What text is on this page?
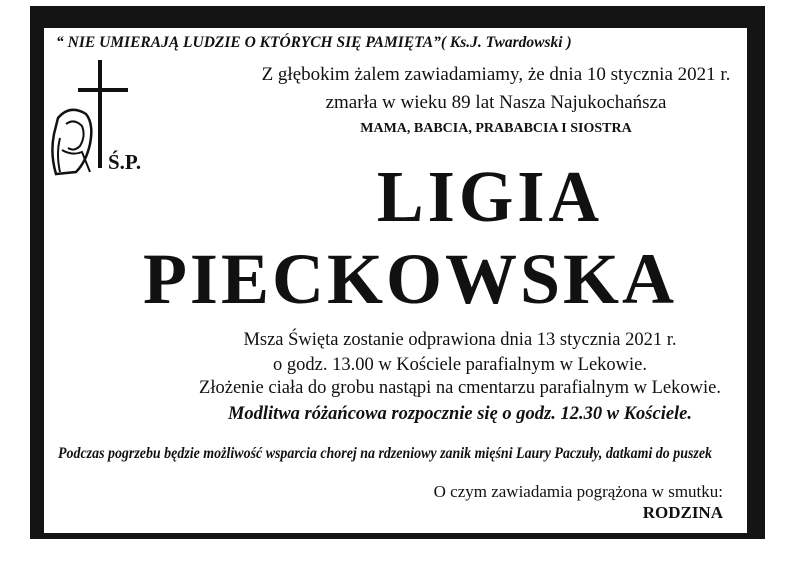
“ NIE UMIERAJĄ LUDZIE O KTÓRYCH SIĘ PAMIĘTA”( Ks.J. Twardowski )
Ś.P.
Z głębokim żalem zawiadamiamy, że dnia 10 stycznia 2021 r.
zmarła w wieku 89 lat Nasza Najukochańsza
MAMA, BABCIA, PRABABCIA I SIOSTRA
LIGIA
PIECKOWSKA
Msza Święta zostanie odprawiona dnia 13 stycznia 2021 r.
o godz. 13.00 w Kościele parafialnym w Lekowie.
Złożenie ciała do grobu nastąpi na cmentarzu parafialnym w Lekowie.
Modlitwa różańcowa rozpocznie się o godz. 12.30 w Kościele.
Podczas pogrzebu będzie możliwość wsparcia chorej na rdzeniowy zanik mięśni Laury Paczuły, datkami do puszek
O czym zawiadamia pogrążona w smutku:
RODZINA
DRUK: Z.U.P. "HADES" R.Żurawski tel. 023 672 14 88, 662 198 820
